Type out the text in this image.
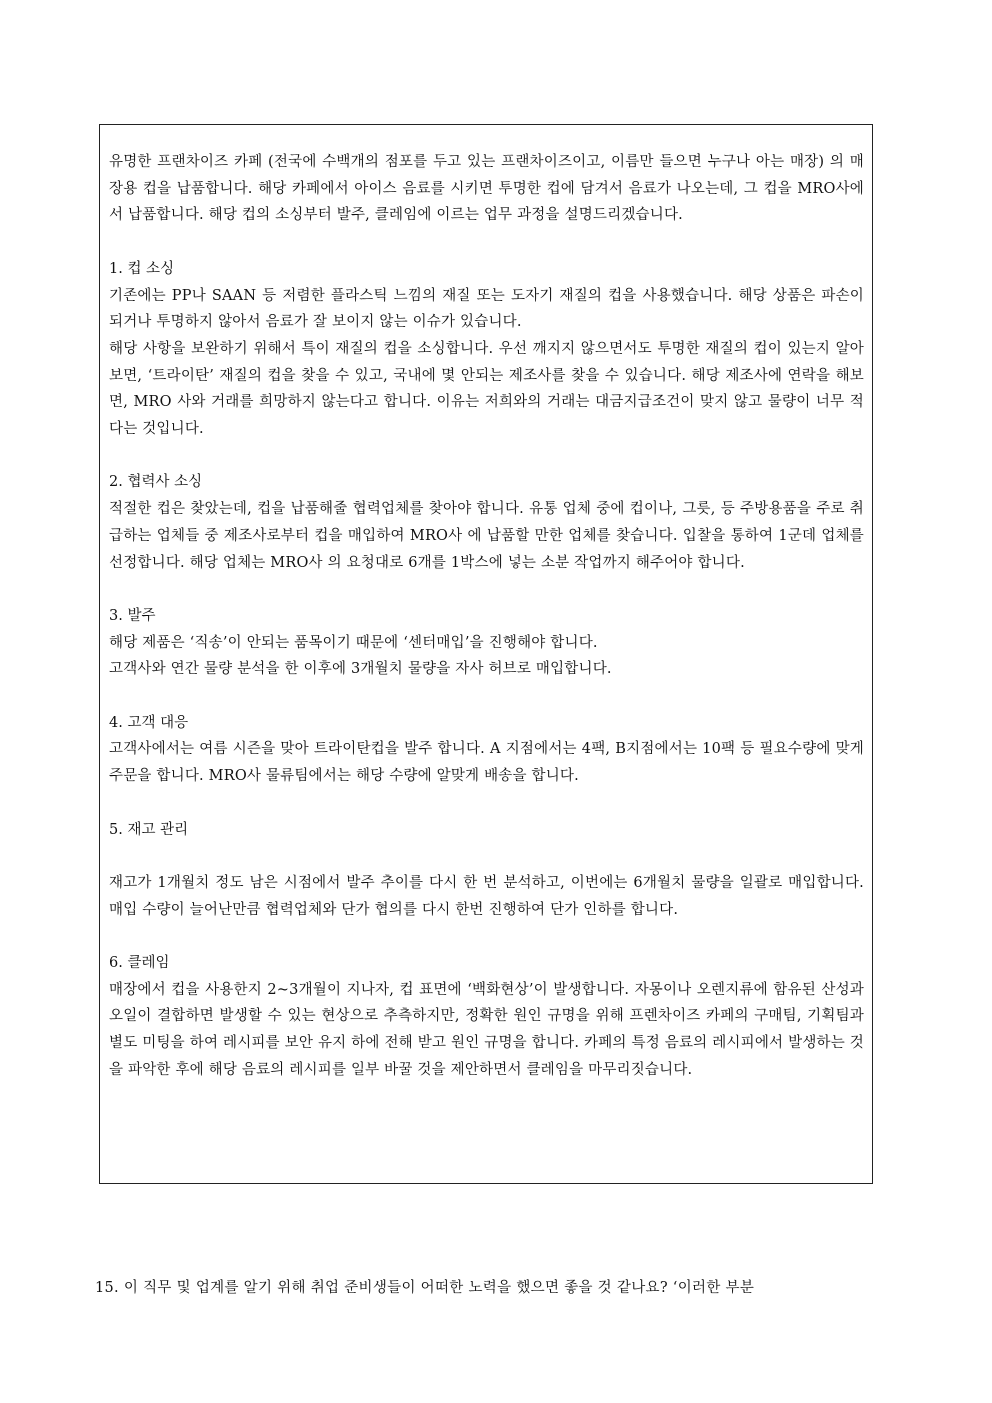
유명한 프랜차이즈 카페 (전국에 수백개의 점포를 두고 있는 프랜차이즈이고, 이름만 들으면 누구나 아는 매장) 의 매장용 컵을 납품합니다. 해당 카페에서 아이스 음료를 시키면 투명한 컵에 담겨서 음료가 나오는데, 그 컵을 MRO사에서 납품합니다. 해당 컵의 소싱부터 발주, 클레임에 이르는 업무 과정을 설명드리겠습니다.

1. 컵 소싱

기존에는 PP나 SAAN 등 저렴한 플라스틱 느낌의 재질 또는 도자기 재질의 컵을 사용했습니다. 해당 상품은 파손이 되거나 투명하지 않아서 음료가 잘 보이지 않는 이슈가 있습니다.

해당 사항을 보완하기 위해서 특이 재질의 컵을 소싱합니다. 우선 깨지지 않으면서도 투명한 재질의 컵이 있는지 알아보면, ‘트라이탄’ 재질의 컵을 찾을 수 있고, 국내에 몇 안되는 제조사를 찾을 수 있습니다. 해당 제조사에 연락을 해보면, MRO 사와 거래를 희망하지 않는다고 합니다. 이유는 저희와의 거래는 대금지급조건이 맞지 않고 물량이 너무 적다는 것입니다.

2. 협력사 소싱

적절한 컵은 찾았는데, 컵을 납품해줄 협력업체를 찾아야 합니다. 유통 업체 중에 컵이나, 그릇, 등 주방용품을 주로 취급하는 업체들 중 제조사로부터 컵을 매입하여 MRO사 에 납품할 만한 업체를 찾습니다. 입찰을 통하여 1군데 업체를 선정합니다. 해당 업체는 MRO사 의 요청대로 6개를 1박스에 넣는 소분 작업까지 해주어야 합니다.

3. 발주

해당 제품은 ‘직송’이 안되는 품목이기 때문에 ‘센터매입’을 진행해야 합니다.

고객사와 연간 물량 분석을 한 이후에 3개월치 물량을 자사 허브로 매입합니다.

4. 고객 대응

고객사에서는 여름 시즌을 맞아 트라이탄컵을 발주 합니다. A 지점에서는 4팩, B지점에서는 10팩 등 필요수량에 맞게 주문을 합니다. MRO사 물류팀에서는 해당 수량에 알맞게 배송을 합니다.

5. 재고 관리

재고가 1개월치 정도 남은 시점에서 발주 추이를 다시 한 번 분석하고, 이번에는 6개월치 물량을 일괄로 매입합니다. 매입 수량이 늘어난만큼 협력업체와 단가 협의를 다시 한번 진행하여 단가 인하를 합니다.

6. 클레임

매장에서 컵을 사용한지 2~3개월이 지나자, 컵 표면에 ‘백화현상’이 발생합니다. 자몽이나 오렌지류에 함유된 산성과 오일이 결합하면 발생할 수 있는 현상으로 추측하지만, 정확한 원인 규명을 위해 프렌차이즈 카페의 구매팀, 기획팀과 별도 미팅을 하여 레시피를 보안 유지 하에 전해 받고 원인 규명을 합니다. 카페의 특정 음료의 레시피에서 발생하는 것을 파악한 후에 해당 음료의 레시피를 일부 바꿀 것을 제안하면서 클레임을 마무리짓습니다.

15. 이 직무 및 업계를 알기 위해 취업 준비생들이 어떠한 노력을 했으면 좋을 것 같나요? ‘이러한 부분
